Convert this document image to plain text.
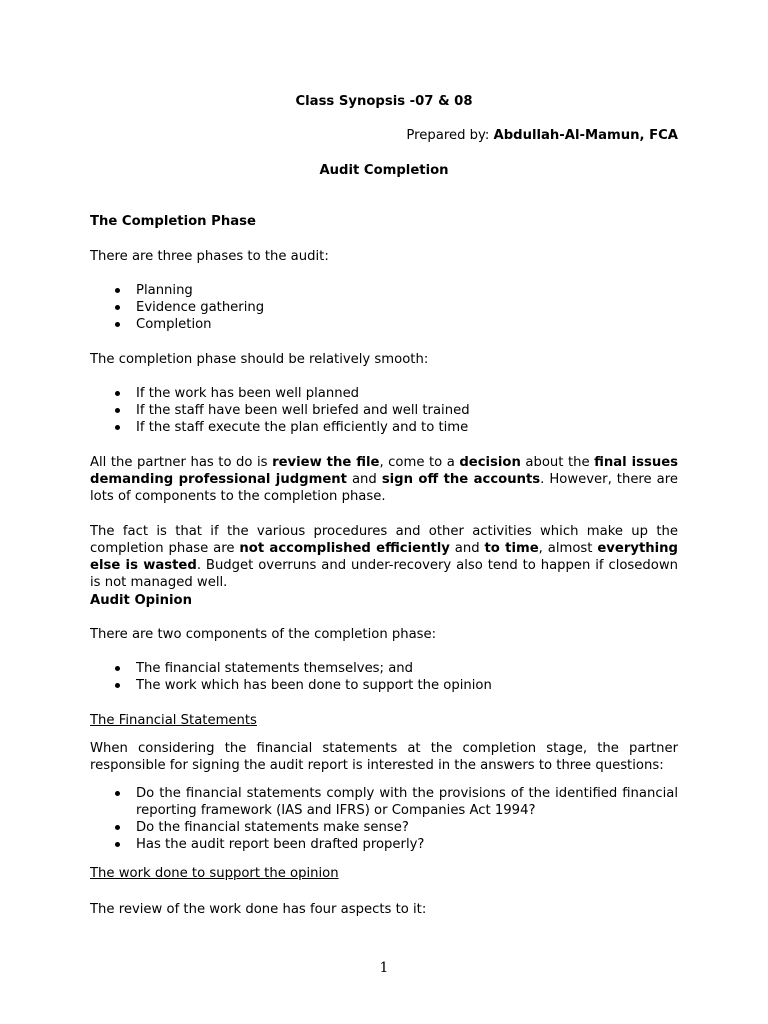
Class Synopsis -07 & 08

Prepared by: Abdullah-Al-Mamun, FCA

Audit Completion

The Completion Phase

There are three phases to the audit:

Planning
Evidence gathering
Completion

The completion phase should be relatively smooth:

If the work has been well planned
If the staff have been well briefed and well trained
If the staff execute the plan efficiently and to time

All the partner has to do is review the file, come to a decision about the final issues demanding professional judgment and sign off the accounts. However, there are lots of components to the completion phase.

The fact is that if the various procedures and other activities which make up the completion phase are not accomplished efficiently and to time, almost everything else is wasted. Budget overruns and under-recovery also tend to happen if closedown is not managed well.

Audit Opinion

There are two components of the completion phase:

The financial statements themselves; and
The work which has been done to support the opinion

The Financial Statements

When considering the financial statements at the completion stage, the partner responsible for signing the audit report is interested in the answers to three questions:

Do the financial statements comply with the provisions of the identified financial reporting framework (IAS and IFRS) or Companies Act 1994?
Do the financial statements make sense?
Has the audit report been drafted properly?

The work done to support the opinion

The review of the work done has four aspects to it:

1
